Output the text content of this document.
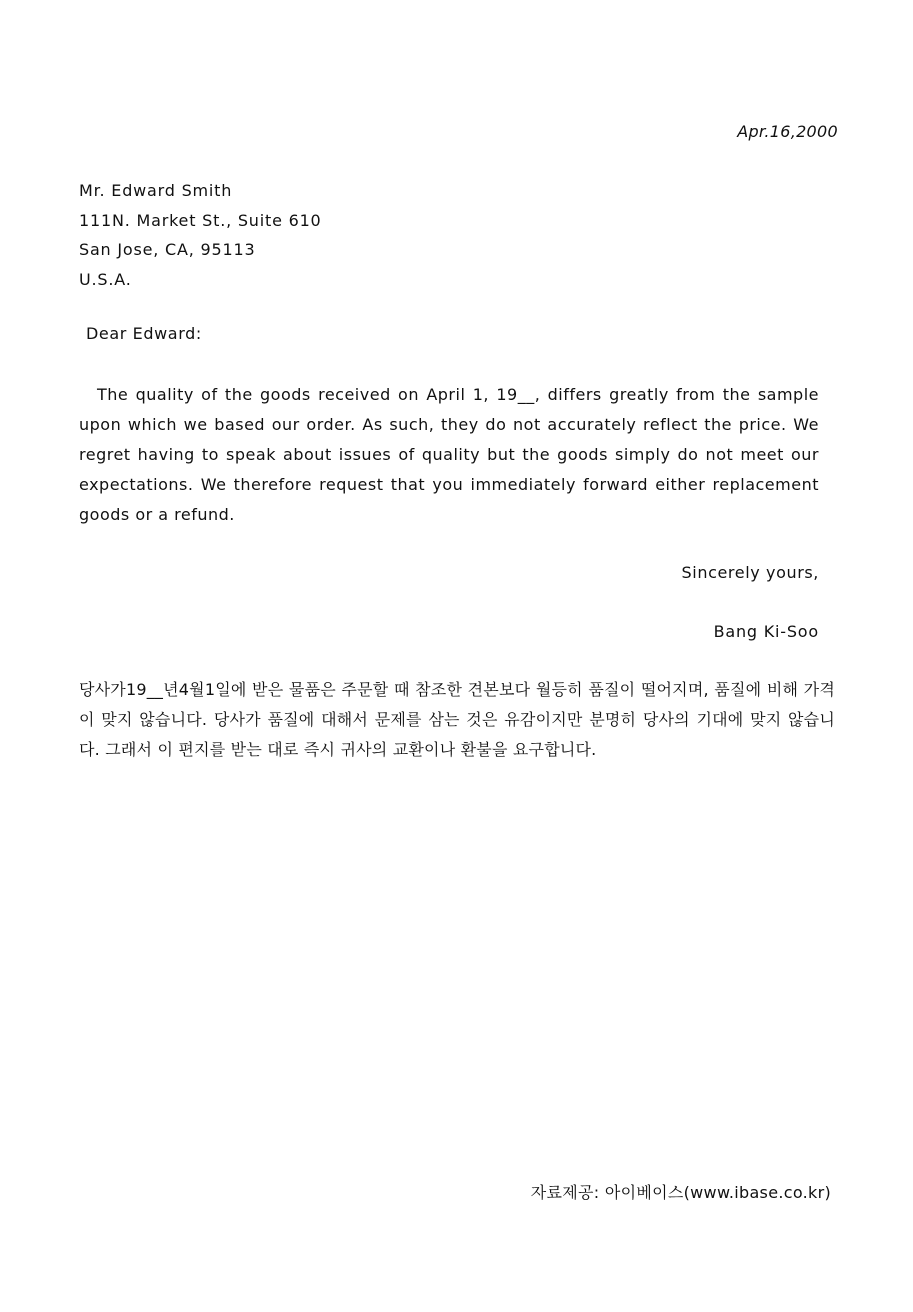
Apr.16,2000
Mr. Edward Smith
111N. Market St., Suite 610
San Jose, CA, 95113
U.S.A.
Dear Edward:
The quality of the goods received on April 1, 19__, differs greatly from the sample upon which we based our order. As such, they do not accurately reflect the price. We regret having to speak about issues of quality but the goods simply do not meet our expectations. We therefore request that you immediately forward either replacement goods or a refund.
Sincerely yours,
Bang Ki-Soo
당사가19__년4월1일에 받은 물품은 주문할 때 참조한 견본보다 월등히 품질이 떨어지며, 품질에 비해 가격이 맞지 않습니다. 당사가 품질에 대해서 문제를 삼는 것은 유감이지만 분명히 당사의 기대에 맞지 않습니다. 그래서 이 편지를 받는 대로 즉시 귀사의 교환이나 환불을 요구합니다.
자료제공: 아이베이스(www.ibase.co.kr)
